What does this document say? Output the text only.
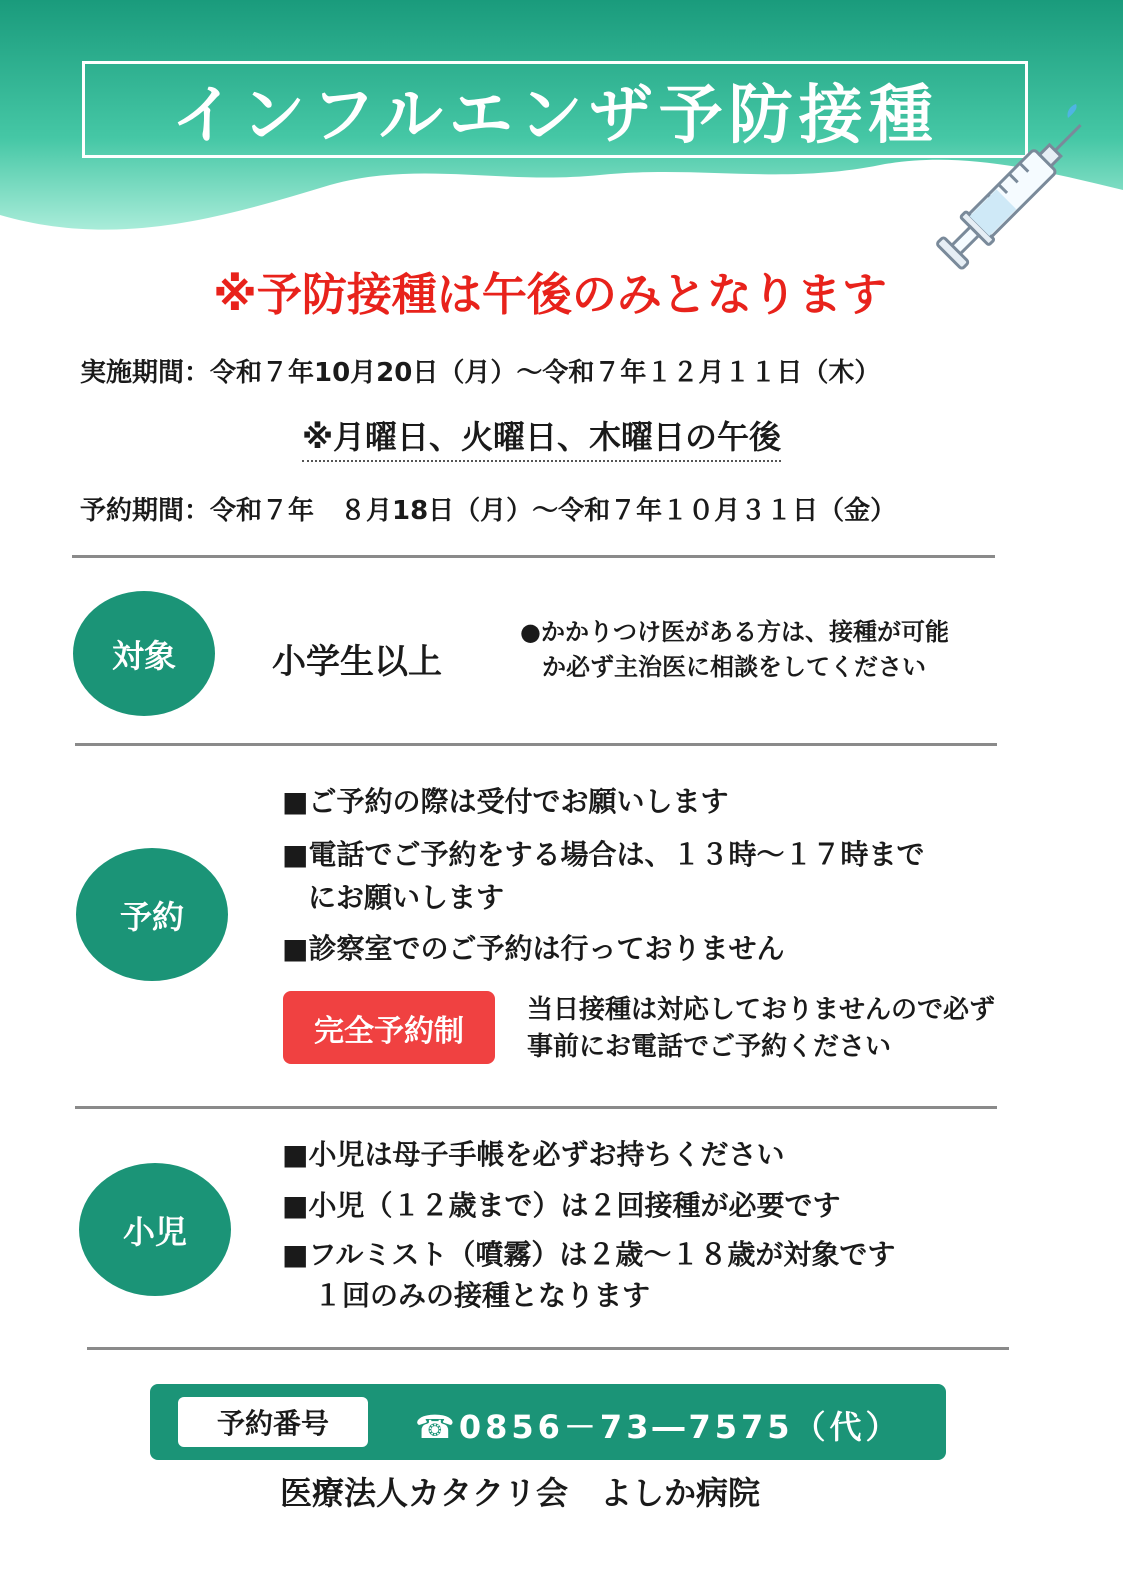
インフルエンザ予防接種
※予防接種は午後のみとなります
実施期間：令和７年10月20日（月）～令和７年１２月１１日（木）
※月曜日、火曜日、木曜日の午後
予約期間：令和７年　８月18日（月）～令和７年１０月３１日（金）
対象	小学生以上
●かかりつけ医がある方は、接種が可能
か必ず主治医に相談をしてください
予約
■ご予約の際は受付でお願いします
■電話でご予約をする場合は、１３時～１７時まで
にお願いします
■診察室でのご予約は行っておりません
完全予約制
当日接種は対応しておりませんので必ず
事前にお電話でご予約ください
小児
■小児は母子手帳を必ずお持ちください
■小児（１２歳まで）は２回接種が必要です
■フルミスト（噴霧）は２歳～１８歳が対象です
１回のみの接種となります
予約番号	☎0856－73―7575（代）
医療法人カタクリ会　よしか病院
